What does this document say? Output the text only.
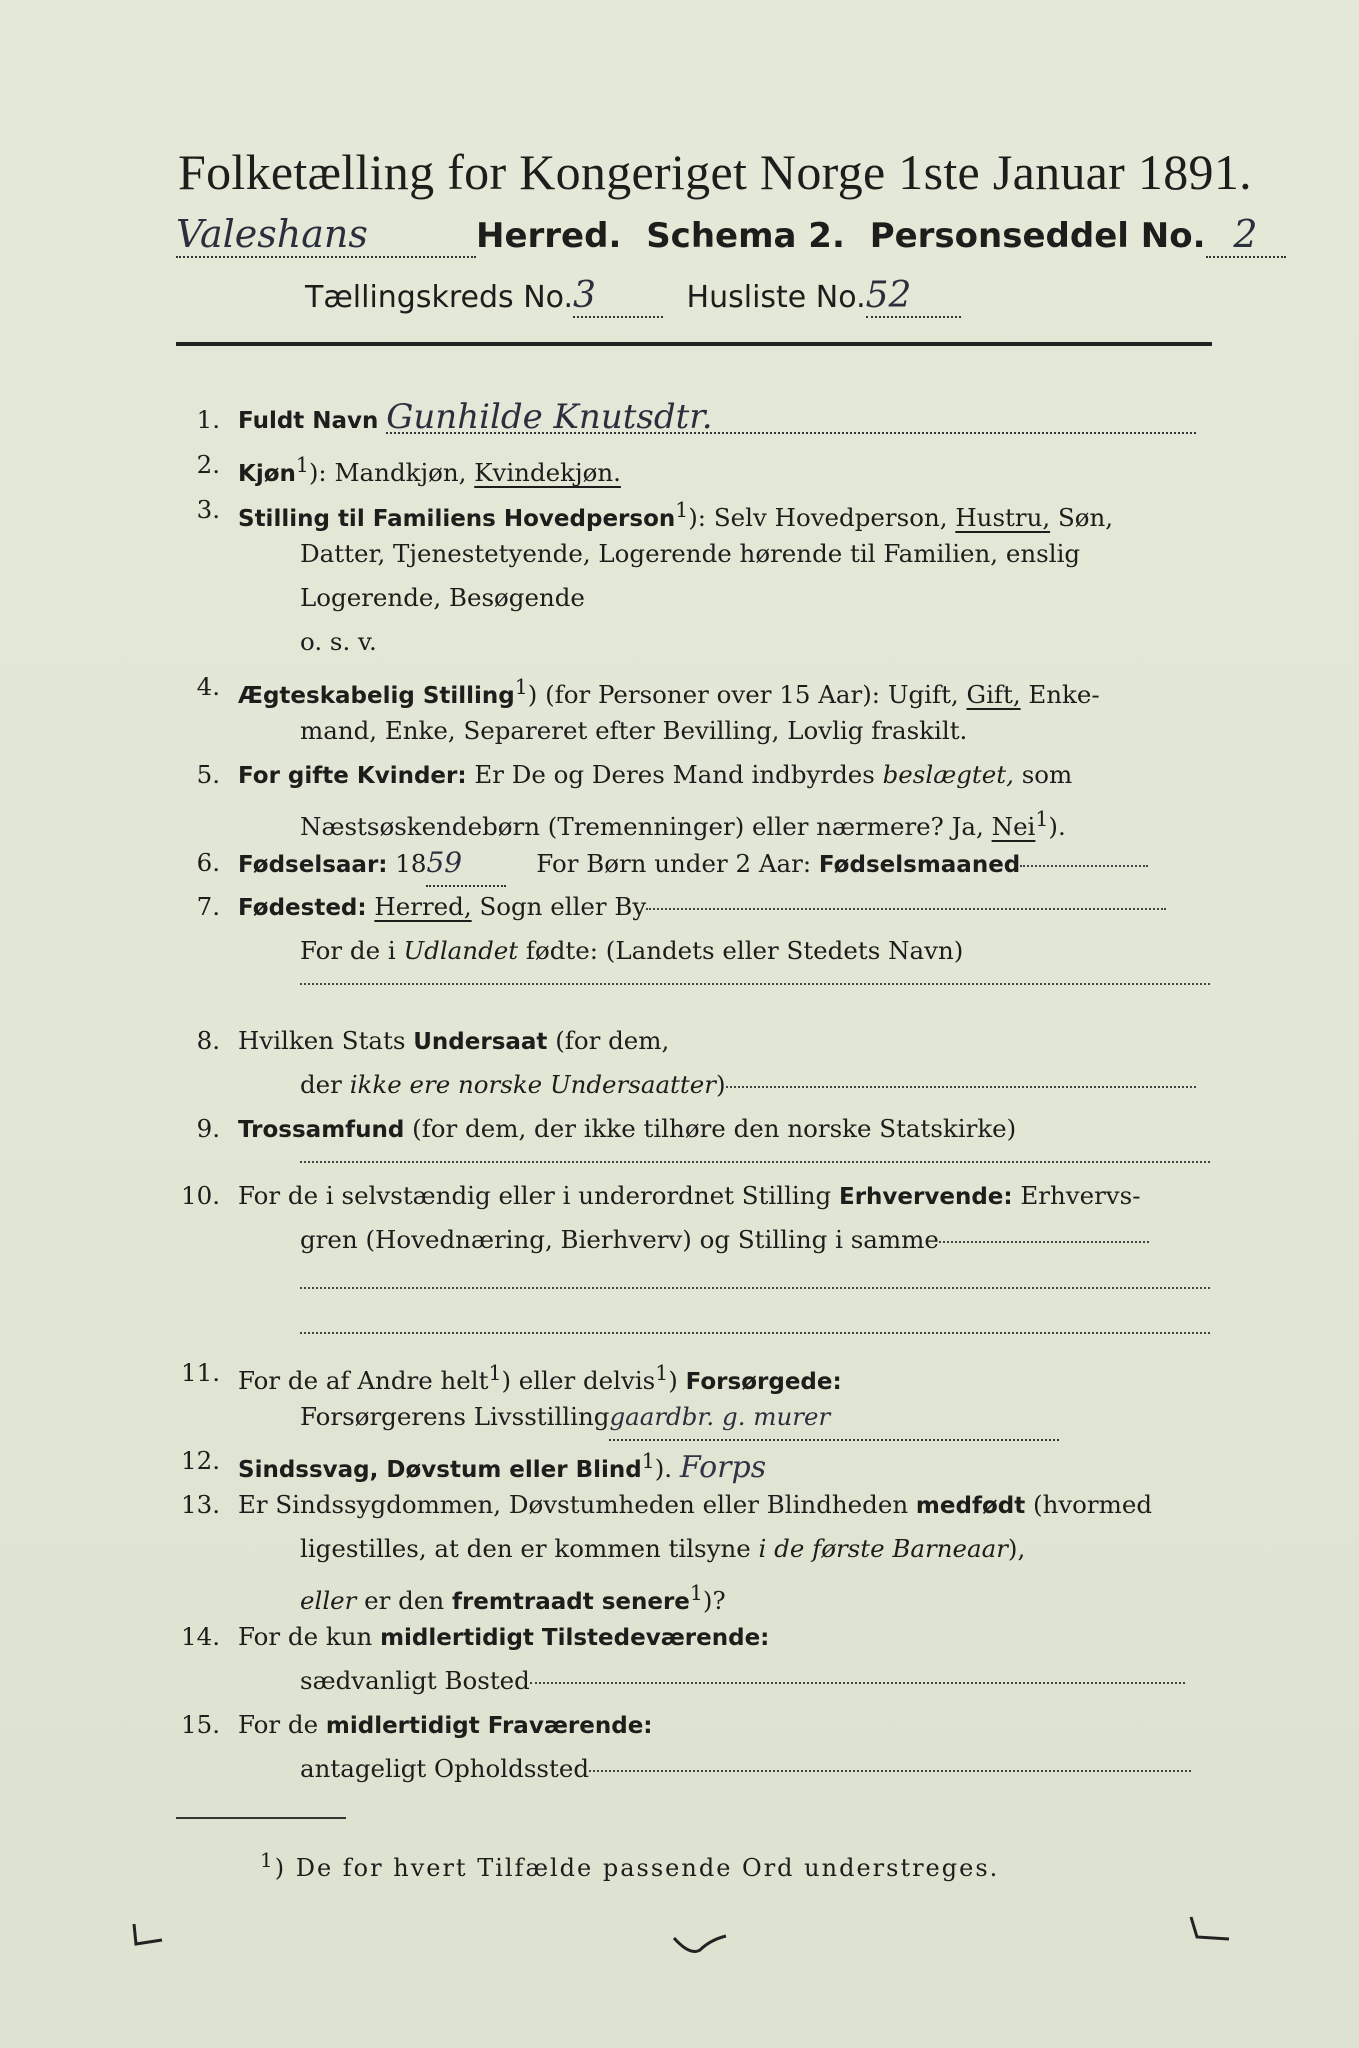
Folketælling for Kongeriget Norge 1ste Januar 1891.
Valeshans	Herred. Schema 2. Personseddel No. 2
Tællingskreds No.3	Husliste No.52
1. Fuldt Navn Gunhilde Knutsdtr.
2. Kjøn$^1$): Mandkjøn, Kvindekjøn.
3. Stilling til Familiens Hovedperson$^1$): Selv Hovedperson, Hustru, Søn,
Datter, Tjenestetyende, Logerende hørende til Familien, enslig
Logerende, Besøgende
o. s. v.
4. Ægteskabelig Stilling$^1$) (for Personer over 15 Aar): Ugift, Gift, Enke-
mand, Enke, Separeret efter Bevilling, Lovlig fraskilt.
5. For gifte Kvinder: Er De og Deres Mand indbyrdes beslægtet, som
Næstsøskendebørn (Tremenninger) eller nærmere? Ja, Nei$^1$).
6. Fødselsaar: 1859	For Børn under 2 Aar: Fødselsmaaned
7. Fødested: Herred, Sogn eller By
For de i Udlandet fødte: (Landets eller Stedets Navn)
8. Hvilken Stats Undersaat (for dem,
der ikke ere norske Undersaatter)
9. Trossamfund (for dem, der ikke tilhøre den norske Statskirke)
10. For de i selvstændig eller i underordnet Stilling Erhvervende: Erhvervs-
gren (Hovednæring, Bierhverv) og Stilling i samme
11. For de af Andre helt$^1$) eller delvis$^1$) Forsørgede:
Forsørgerens Livsstillinggaardbr. g. murer
12. Sindssvag, Døvstum eller Blind$^1$). Forps
13. Er Sindssygdommen, Døvstumheden eller Blindheden medfødt (hvormed
ligestilles, at den er kommen tilsyne i de første Barneaar),
eller er den fremtraadt senere$^1$)?
14. For de kun midlertidigt Tilstedeværende:
sædvanligt Bosted
15. For de midlertidigt Fraværende:
antageligt Opholdssted
$^1$) De for hvert Tilfælde passende Ord understreges.
